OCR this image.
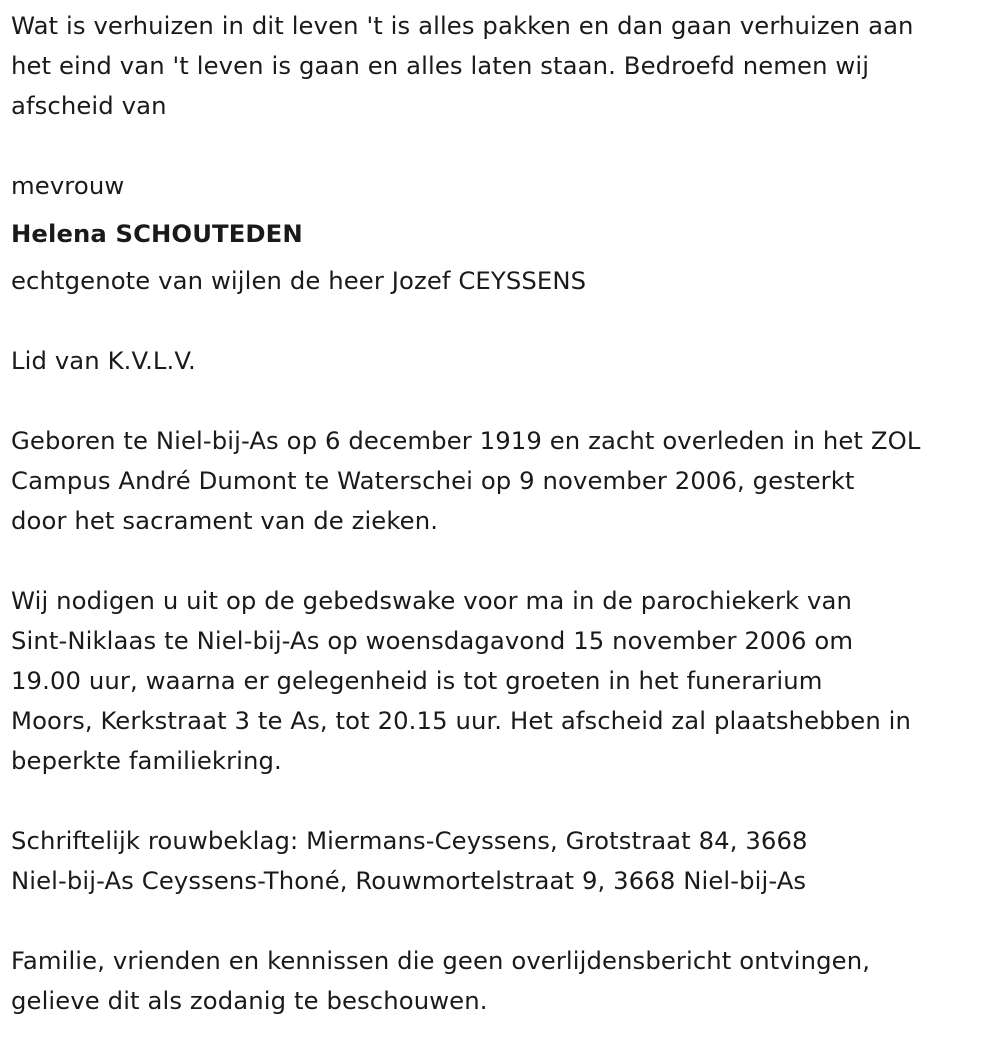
Wat is verhuizen in dit leven 't is alles pakken en dan gaan verhuizen aan

het eind van 't leven is gaan en alles laten staan. Bedroefd nemen wij

afscheid van

mevrouw

Helena SCHOUTEDEN

echtgenote van wijlen de heer Jozef CEYSSENS

Lid van K.V.L.V.

Geboren te Niel-bij-As op 6 december 1919 en zacht overleden in het ZOL

Campus André Dumont te Waterschei op 9 november 2006, gesterkt

door het sacrament van de zieken.

Wij nodigen u uit op de gebedswake voor ma in de parochiekerk van

Sint-Niklaas te Niel-bij-As op woensdagavond 15 november 2006 om

19.00 uur, waarna er gelegenheid is tot groeten in het funerarium

Moors, Kerkstraat 3 te As, tot 20.15 uur. Het afscheid zal plaatshebben in

beperkte familiekring.

Schriftelijk rouwbeklag: Miermans-Ceyssens, Grotstraat 84, 3668

Niel-bij-As Ceyssens-Thoné, Rouwmortelstraat 9, 3668 Niel-bij-As

Familie, vrienden en kennissen die geen overlijdensbericht ontvingen,

gelieve dit als zodanig te beschouwen.
